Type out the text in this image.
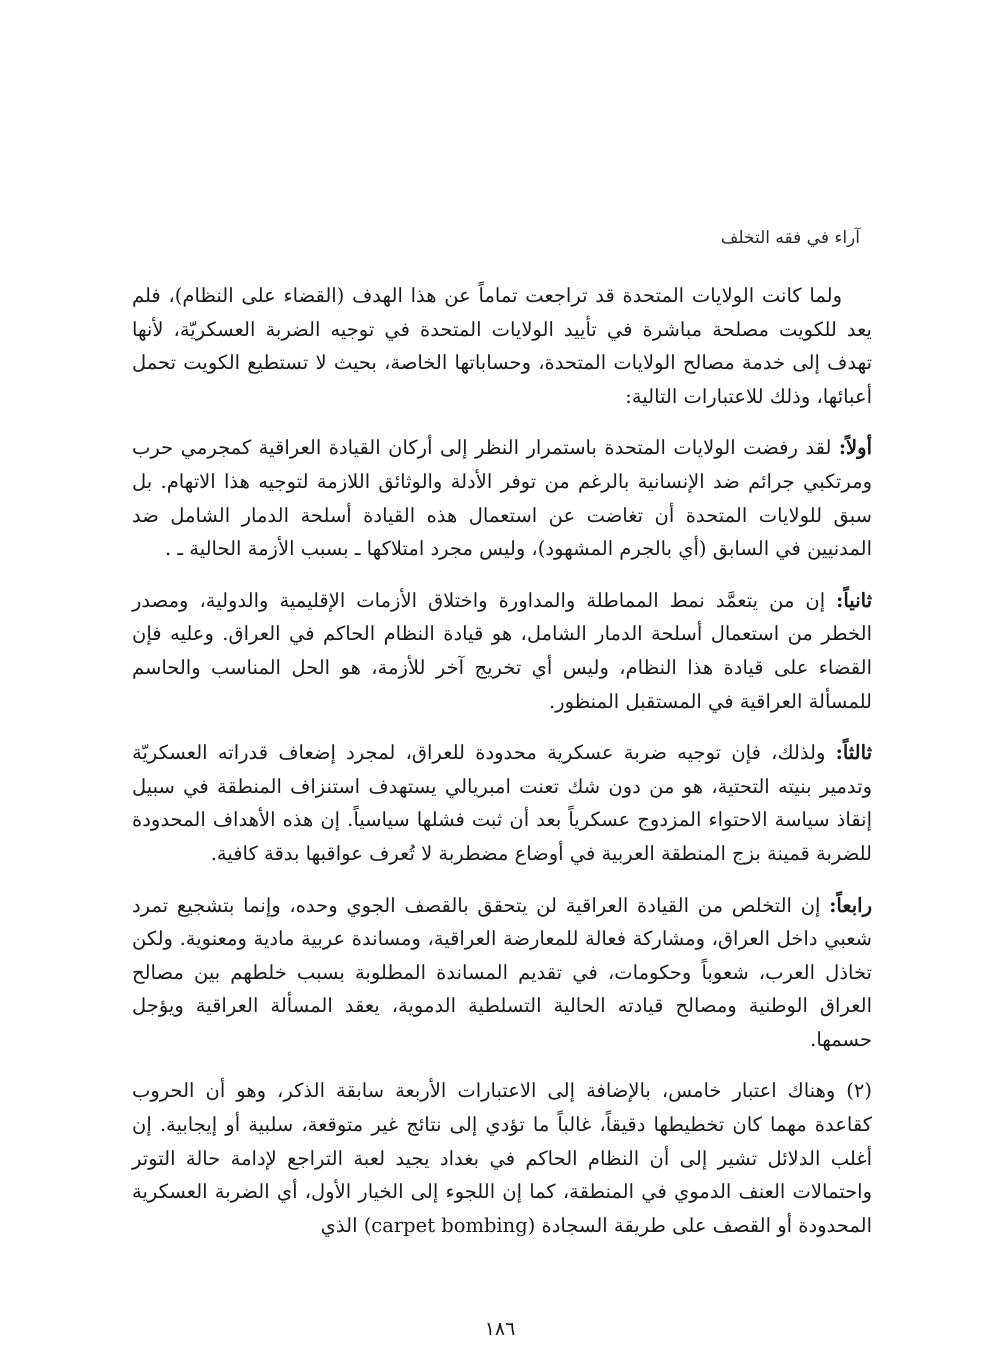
آراء في فقه التخلف

ولما كانت الولايات المتحدة قد تراجعت تماماً عن هذا الهدف (القضاء على النظام)، فلم يعد للكويت مصلحة مباشرة في تأييد الولايات المتحدة في توجيه الضربة العسكريّة، لأنها تهدف إلى خدمة مصالح الولايات المتحدة، وحساباتها الخاصة، بحيث لا تستطيع الكويت تحمل أعبائها، وذلك للاعتبارات التالية:

أولاً: لقد رفضت الولايات المتحدة باستمرار النظر إلى أركان القيادة العراقية كمجرمي حرب ومرتكبي جرائم ضد الإنسانية بالرغم من توفر الأدلة والوثائق اللازمة لتوجيه هذا الاتهام. بل سبق للولايات المتحدة أن تغاضت عن استعمال هذه القيادة أسلحة الدمار الشامل ضد المدنيين في السابق (أي بالجرم المشهود)، وليس مجرد امتلاكها ـ بسبب الأزمة الحالية ـ .

ثانياً: إن من يتعمَّد نمط المماطلة والمداورة واختلاق الأزمات الإقليمية والدولية، ومصدر الخطر من استعمال أسلحة الدمار الشامل، هو قيادة النظام الحاكم في العراق. وعليه فإن القضاء على قيادة هذا النظام، وليس أي تخريج آخر للأزمة، هو الحل المناسب والحاسم للمسألة العراقية في المستقبل المنظور.

ثالثاً: ولذلك، فإن توجيه ضربة عسكرية محدودة للعراق، لمجرد إضعاف قدراته العسكريّة وتدمير بنيته التحتية، هو من دون شك تعنت امبريالي يستهدف استنزاف المنطقة في سبيل إنقاذ سياسة الاحتواء المزدوج عسكرياً بعد أن ثبت فشلها سياسياً. إن هذه الأهداف المحدودة للضربة قمينة بزج المنطقة العربية في أوضاع مضطربة لا تُعرف عواقبها بدقة كافية.

رابعاً: إن التخلص من القيادة العراقية لن يتحقق بالقصف الجوي وحده، وإنما بتشجيع تمرد شعبي داخل العراق، ومشاركة فعالة للمعارضة العراقية، ومساندة عربية مادية ومعنوية. ولكن تخاذل العرب، شعوباً وحكومات، في تقديم المساندة المطلوبة بسبب خلطهم بين مصالح العراق الوطنية ومصالح قيادته الحالية التسلطية الدموية، يعقد المسألة العراقية ويؤجل حسمها.

(٢) وهناك اعتبار خامس، بالإضافة إلى الاعتبارات الأربعة سابقة الذكر، وهو أن الحروب كقاعدة مهما كان تخطيطها دقيقاً، غالباً ما تؤدي إلى نتائج غير متوقعة، سلبية أو إيجابية. إن أغلب الدلائل تشير إلى أن النظام الحاكم في بغداد يجيد لعبة التراجع لإدامة حالة التوتر واحتمالات العنف الدموي في المنطقة، كما إن اللجوء إلى الخيار الأول، أي الضربة العسكرية المحدودة أو القصف على طريقة السجادة (carpet bombing) الذي

١٨٦
